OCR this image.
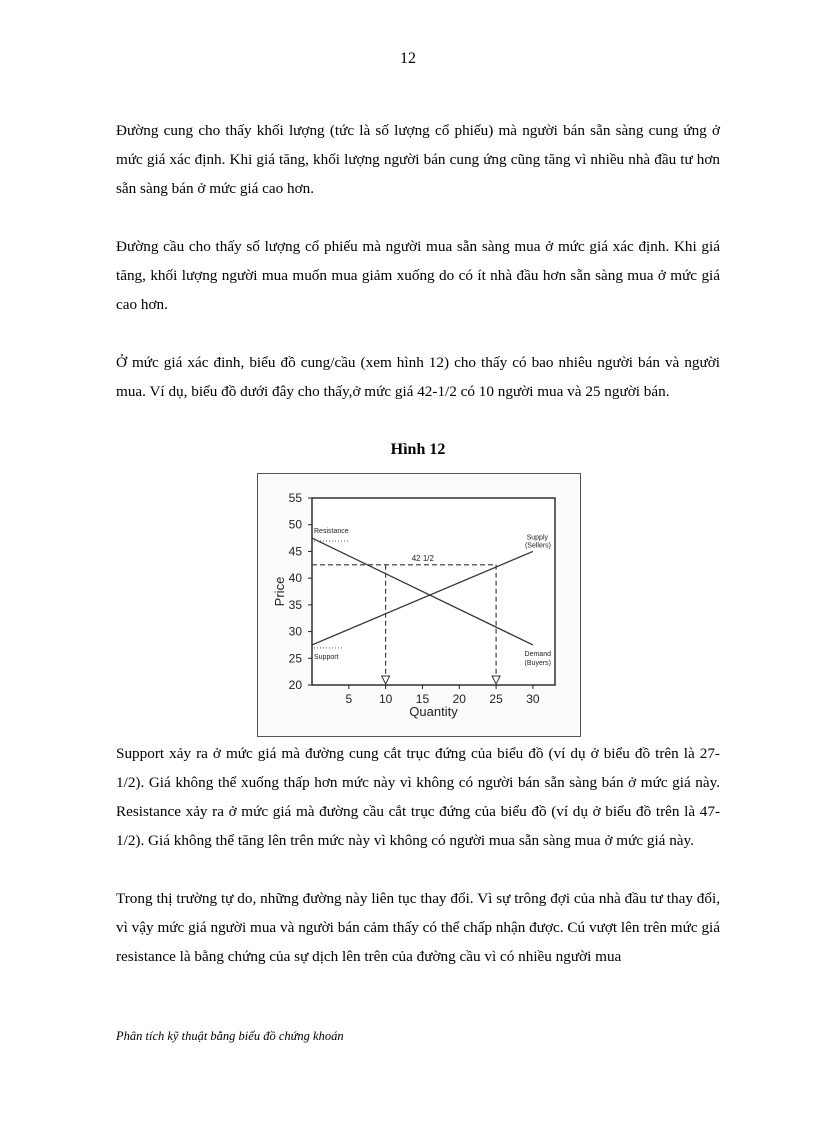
12

Đường cung cho thấy khối lượng (tức là số lượng cổ phiếu) mà người bán sẵn sàng cung ứng ở mức giá xác định. Khi giá tăng, khối lượng người bán cung ứng cũng tăng vì nhiều nhà đầu tư hơn sẵn sàng bán ở mức giá cao hơn.

Đường cầu cho thấy số lượng cổ phiếu mà người mua sẵn sàng mua ở mức giá xác định. Khi giá tăng, khối lượng người mua muốn mua giảm xuống do có ít nhà đầu hơn sẵn sàng mua ở mức giá cao hơn.

Ở mức giá xác đinh, biểu đồ cung/cầu (xem hình 12) cho thấy có bao nhiêu người bán và người mua. Ví dụ, biểu đồ dưới đây cho thấy,ở mức giá 42-1/2 có 10 người mua và 25 người bán.

Hình 12
20
25
30
35
40
45
50
55
5 10 15 20 25 30
Quantity
Price
42 1/2
Resistance
Support
Supply
(Sellers)
Demand
(Buyers)

Support xảy ra ở mức giá mà đường cung cắt trục đứng của biểu đồ (ví dụ ở biểu đồ trên là 27-1/2). Giá không thể xuống thấp hơn mức này vì không có người bán sẵn sàng bán ở mức giá này. Resistance xảy ra ở mức giá mà đường cầu cắt trục đứng của biểu đồ (ví dụ ở biểu đồ trên là 47-1/2). Giá không thể tăng lên trên mức này vì không có người mua sẵn sàng mua ở mức giá này.

Trong thị trường tự do, những đường này liên tục thay đổi. Vì sự trông đợi của nhà đầu tư thay đổi, vì vậy mức giá người mua và người bán cảm thấy có thể chấp nhận được. Cú vượt lên trên mức giá resistance là bằng chứng của sự dịch lên trên của đường cầu vì có nhiều người mua

Phân tích kỹ thuật bằng biểu đồ chứng khoán
